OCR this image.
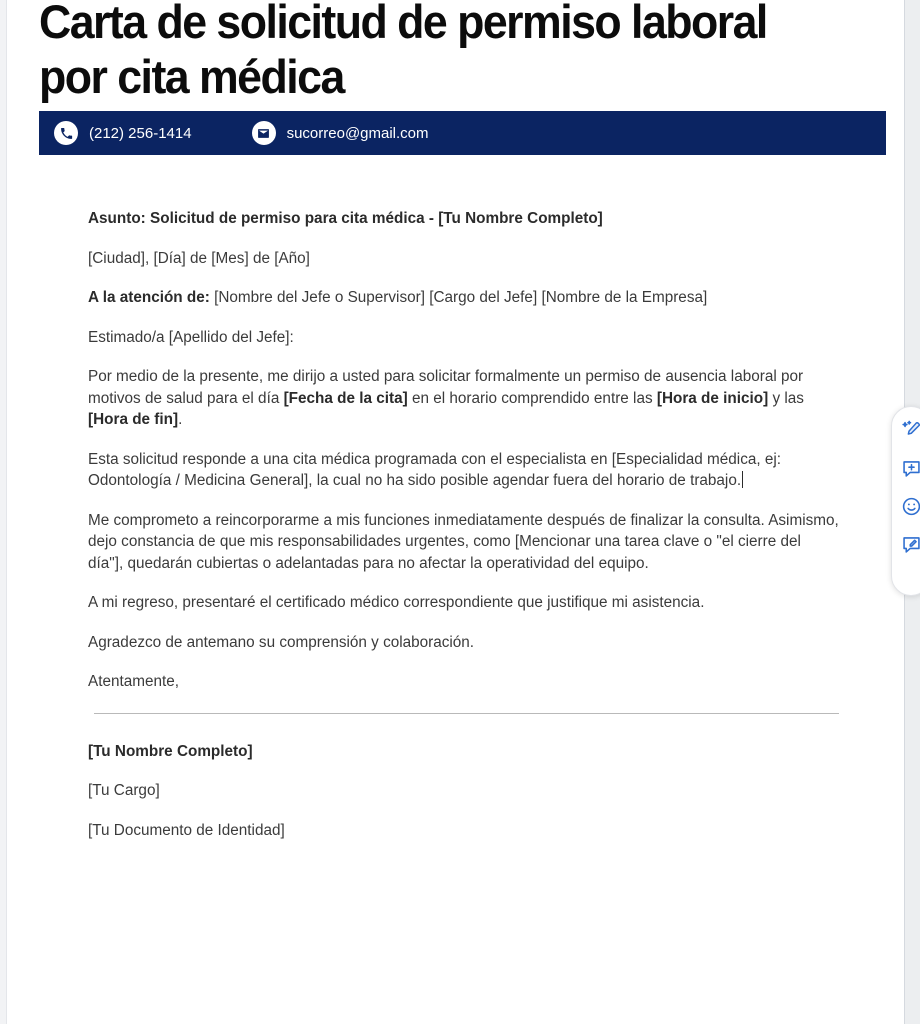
Carta de solicitud de permiso laboral por cita médica
(212) 256-1414	sucorreo@gmail.com

Asunto: Solicitud de permiso para cita médica - [Tu Nombre Completo]

[Ciudad], [Día] de [Mes] de [Año]

A la atención de: [Nombre del Jefe o Supervisor] [Cargo del Jefe] [Nombre de la Empresa]

Estimado/a [Apellido del Jefe]:

Por medio de la presente, me dirijo a usted para solicitar formalmente un permiso de ausencia laboral por motivos de salud para el día [Fecha de la cita] en el horario comprendido entre las [Hora de inicio] y las [Hora de fin].

Esta solicitud responde a una cita médica programada con el especialista en [Especialidad médica, ej: Odontología / Medicina General], la cual no ha sido posible agendar fuera del horario de trabajo.

Me comprometo a reincorporarme a mis funciones inmediatamente después de finalizar la consulta. Asimismo, dejo constancia de que mis responsabilidades urgentes, como [Mencionar una tarea clave o "el cierre del día"], quedarán cubiertas o adelantadas para no afectar la operatividad del equipo.

A mi regreso, presentaré el certificado médico correspondiente que justifique mi asistencia.

Agradezco de antemano su comprensión y colaboración.

Atentamente,

[Tu Nombre Completo]

[Tu Cargo]

[Tu Documento de Identidad]
